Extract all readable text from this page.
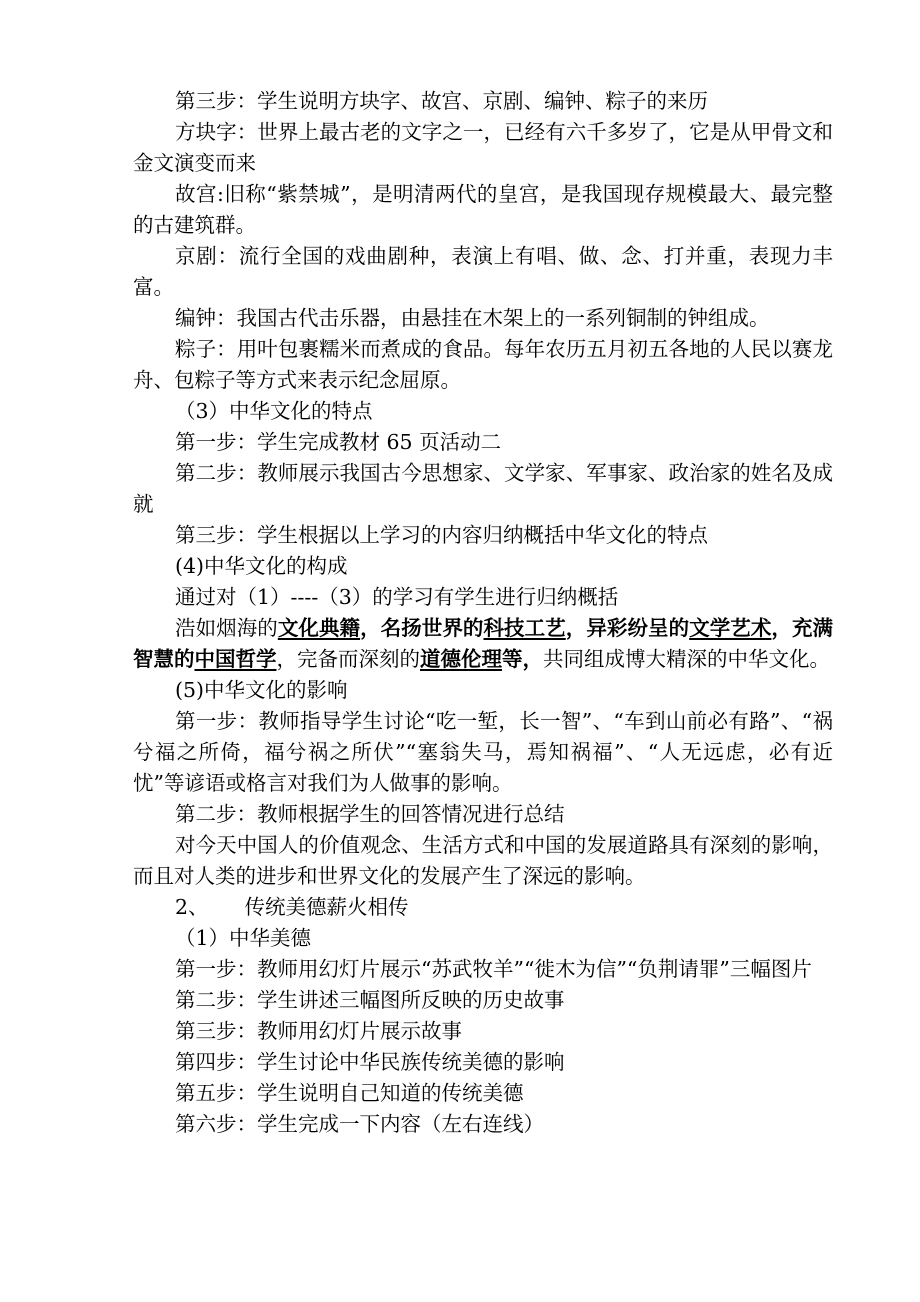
第三步：学生说明方块字、故宫、京剧、编钟、粽子的来历

方块字：世界上最古老的文字之一，已经有六千多岁了，它是从甲骨文和金文演变而来

故宫:旧称“紫禁城”，是明清两代的皇宫，是我国现存规模最大、最完整的古建筑群。

京剧：流行全国的戏曲剧种，表演上有唱、做、念、打并重，表现力丰富。

编钟：我国古代击乐器，由悬挂在木架上的一系列铜制的钟组成。

粽子：用叶包裹糯米而煮成的食品。每年农历五月初五各地的人民以赛龙舟、包粽子等方式来表示纪念屈原。

（3）中华文化的特点

第一步：学生完成教材 65 页活动二

第二步：教师展示我国古今思想家、文学家、军事家、政治家的姓名及成就

第三步：学生根据以上学习的内容归纳概括中华文化的特点

(4)中华文化的构成

通过对（1）----（3）的学习有学生进行归纳概括

浩如烟海的文化典籍，名扬世界的科技工艺，异彩纷呈的文学艺术，充满智慧的中国哲学，完备而深刻的道德伦理等，共同组成博大精深的中华文化。

(5)中华文化的影响

第一步：教师指导学生讨论“吃一堑，长一智”、“车到山前必有路”、“祸兮福之所倚，福兮祸之所伏”“塞翁失马，焉知祸福”、“人无远虑，必有近忧”等谚语或格言对我们为人做事的影响。

第二步：教师根据学生的回答情况进行总结

对今天中国人的价值观念、生活方式和中国的发展道路具有深刻的影响，而且对人类的进步和世界文化的发展产生了深远的影响。

2、 传统美德薪火相传

（1）中华美德

第一步：教师用幻灯片展示“苏武牧羊”“徙木为信”“负荆请罪”三幅图片

第二步：学生讲述三幅图所反映的历史故事

第三步：教师用幻灯片展示故事

第四步：学生讨论中华民族传统美德的影响

第五步：学生说明自己知道的传统美德

第六步：学生完成一下内容（左右连线）
